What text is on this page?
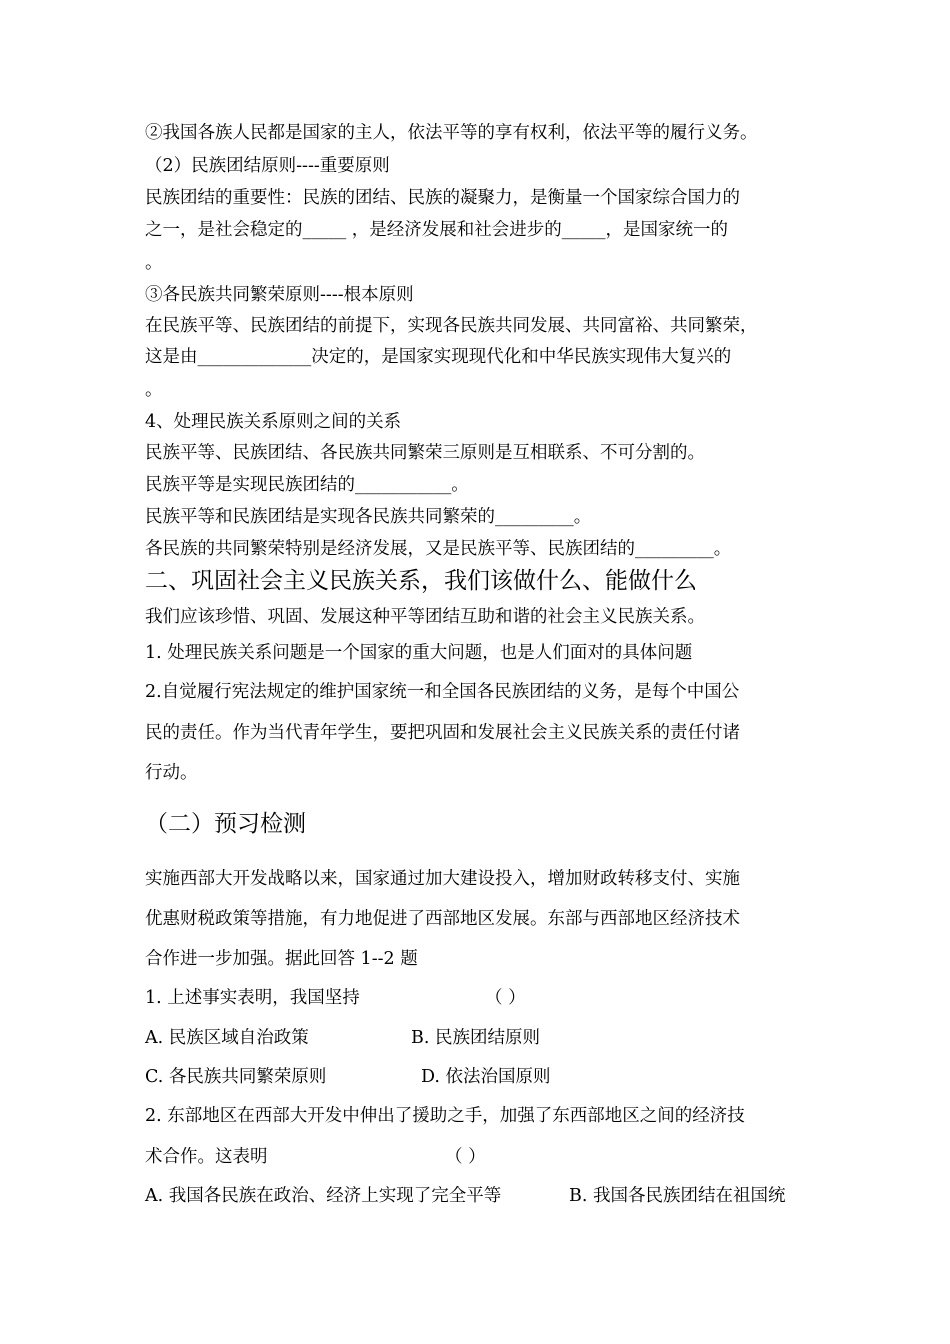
②我国各族人民都是国家的主人，依法平等的享有权利，依法平等的履行义务。
（2）民族团结原则----重要原则
民族团结的重要性：民族的团结、民族的凝聚力，是衡量一个国家综合国力的
之一，是社会稳定的_____ ，是经济发展和社会进步的_____，是国家统一的
。
③各民族共同繁荣原则----根本原则
在民族平等、民族团结的前提下，实现各民族共同发展、共同富裕、共同繁荣，
这是由_____________决定的，是国家实现现代化和中华民族实现伟大复兴的
。
4、处理民族关系原则之间的关系
民族平等、民族团结、各民族共同繁荣三原则是互相联系、不可分割的。
民族平等是实现民族团结的___________。
民族平等和民族团结是实现各民族共同繁荣的_________。
各民族的共同繁荣特别是经济发展，又是民族平等、民族团结的_________。
二、巩固社会主义民族关系，我们该做什么、能做什么
我们应该珍惜、巩固、发展这种平等团结互助和谐的社会主义民族关系。
1. 处理民族关系问题是一个国家的重大问题，也是人们面对的具体问题
2.自觉履行宪法规定的维护国家统一和全国各民族团结的义务，是每个中国公
民的责任。作为当代青年学生，要把巩固和发展社会主义民族关系的责任付诸
行动。
（二）预习检测
实施西部大开发战略以来，国家通过加大建设投入，增加财政转移支付、实施
优惠财税政策等措施，有力地促进了西部地区发展。东部与西部地区经济技术
合作进一步加强。据此回答 1--2 题
1. 上述事实表明，我国坚持	（ ）
A. 民族区域自治政策	B. 民族团结原则
C. 各民族共同繁荣原则	D. 依法治国原则
2. 东部地区在西部大开发中伸出了援助之手，加强了东西部地区之间的经济技
术合作。这表明	（ ）
A. 我国各民族在政治、经济上实现了完全平等	B. 我国各民族团结在祖国统
